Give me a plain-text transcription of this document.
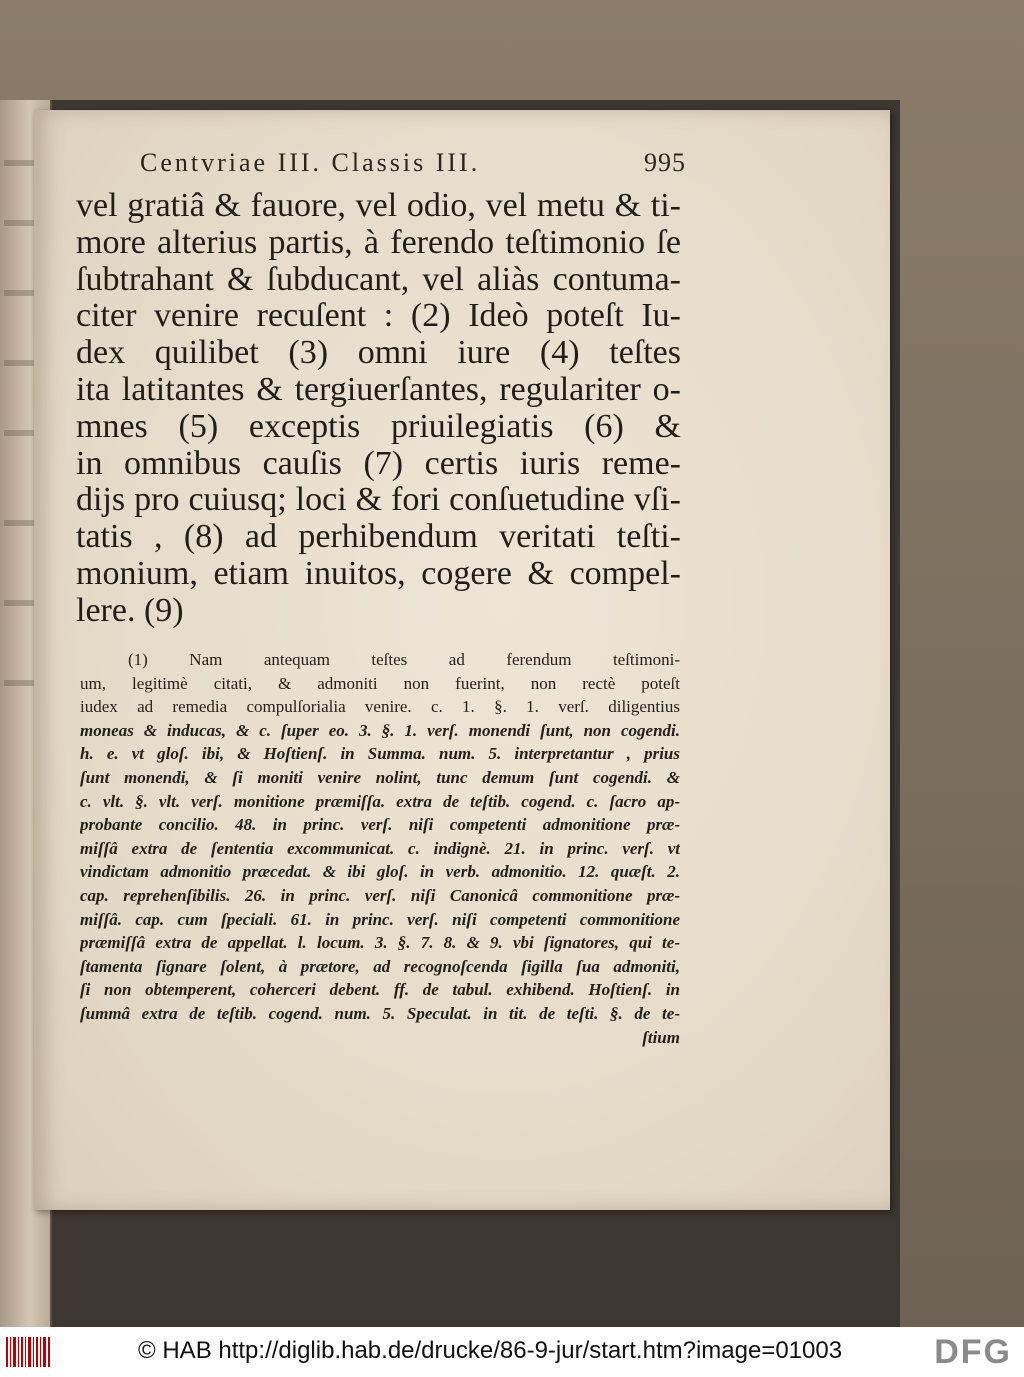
Centvriae III. Classis III.	995
vel gratiâ & fauore, vel odio, vel metu & ti-
more alterius partis, à ferendo teſtimonio ſe
ſubtrahant & ſubducant, vel aliàs contuma-
citer venire recuſent : (2) Ideò poteſt Iu-
dex quilibet (3) omni iure (4) teſtes
ita latitantes & tergiuerſantes, regulariter o-
mnes (5) exceptis priuilegiatis (6) &
in omnibus cauſis (7) certis iuris reme-
dijs pro cuiusq; loci & fori conſuetudine vſi-
tatis , (8) ad perhibendum veritati teſti-
monium, etiam inuitos, cogere & compel-
lere. (9)
(1) Nam antequam teſtes ad ferendum teſtimoni-
um, legitimè citati, & admoniti non fuerint, non rectè poteſt
iudex ad remedia compulſorialia venire. c. 1. §. 1. verſ. diligentius
moneas & inducas, & c. ſuper eo. 3. §. 1. verſ. monendi ſunt, non cogendi.
h. e. vt gloſ. ibi, & Hoſtienſ. in Summa. num. 5. interpretantur , prius
ſunt monendi, & ſi moniti venire nolint, tunc demum ſunt cogendi. &
c. vlt. §. vlt. verſ. monitione præmiſſa. extra de teſtib. cogend. c. ſacro ap-
probante concilio. 48. in princ. verſ. niſi competenti admonitione præ-
miſſâ extra de ſententia excommunicat. c. indignè. 21. in princ. verſ. vt
vindictam admonitio præcedat. & ibi gloſ. in verb. admonitio. 12. quæſt. 2.
cap. reprehenſibilis. 26. in princ. verſ. niſi Canonicâ commonitione præ-
miſſâ. cap. cum ſpeciali. 61. in princ. verſ. niſi competenti commonitione
præmiſſâ extra de appellat. l. locum. 3. §. 7. 8. & 9. vbi ſignatores, qui te-
ſtamenta ſignare ſolent, à prætore, ad recognoſcenda ſigilla ſua admoniti,
ſi non obtemperent, coherceri debent. ff. de tabul. exhibend. Hoſtienſ. in
ſummâ extra de teſtib. cogend. num. 5. Speculat. in tit. de teſti. §. de te-
ſtium
© HAB http://diglib.hab.de/drucke/86-9-jur/start.htm?image=01003	DFG
